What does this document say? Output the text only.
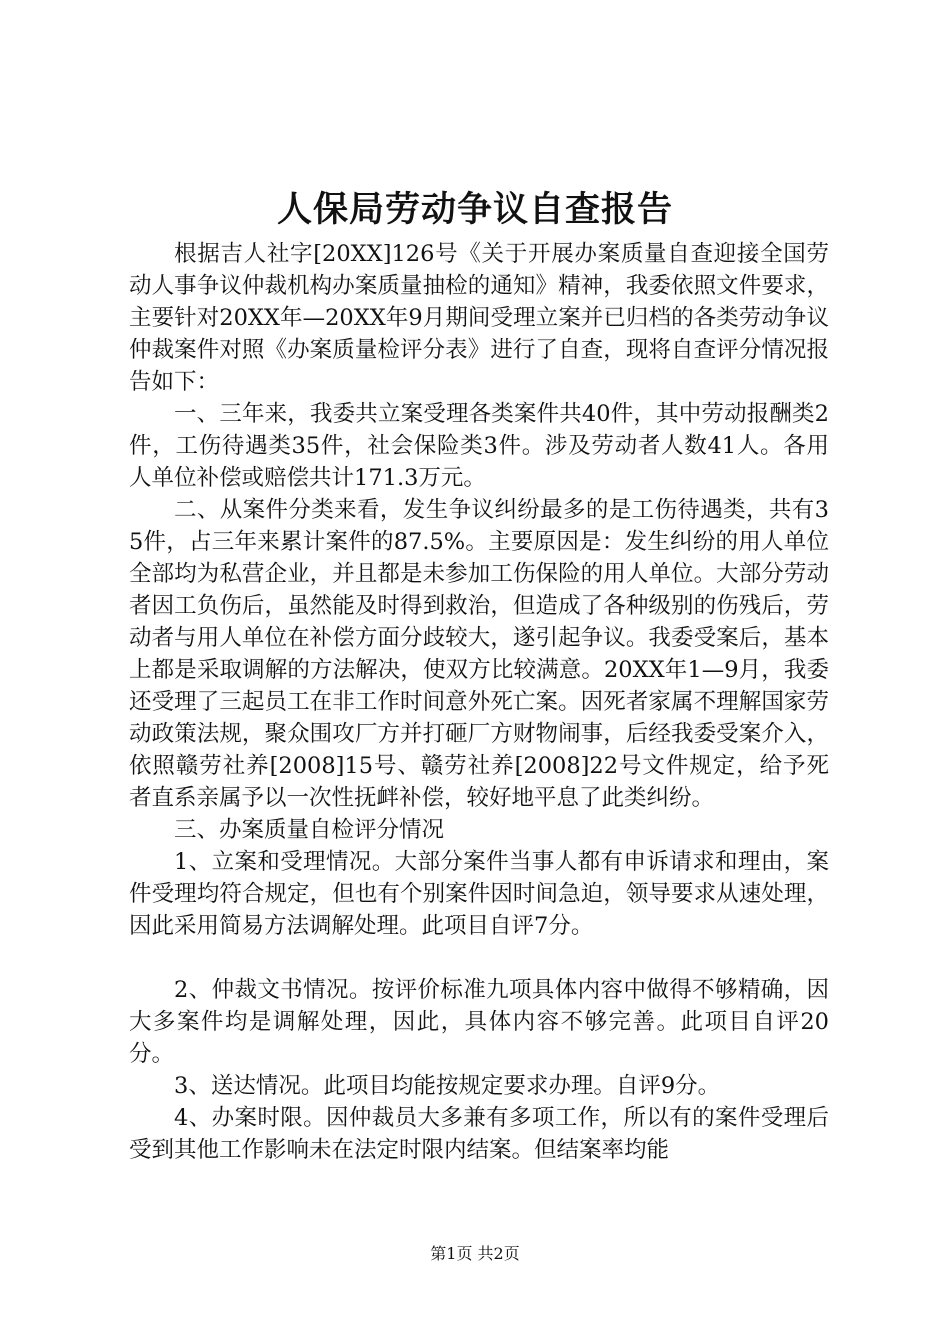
人保局劳动争议自查报告

根据吉人社字[20XX]126号《关于开展办案质量自查迎接全国劳动人事争议仲裁机构办案质量抽检的通知》精神，我委依照文件要求，主要针对20XX年—20XX年9月期间受理立案并已归档的各类劳动争议仲裁案件对照《办案质量检评分表》进行了自查，现将自查评分情况报告如下：

一、三年来，我委共立案受理各类案件共40件，其中劳动报酬类2件，工伤待遇类35件，社会保险类3件。涉及劳动者人数41人。各用人单位补偿或赔偿共计171.3万元。

二、从案件分类来看，发生争议纠纷最多的是工伤待遇类，共有35件，占三年来累计案件的87.5%。主要原因是：发生纠纷的用人单位全部均为私营企业，并且都是未参加工伤保险的用人单位。大部分劳动者因工负伤后，虽然能及时得到救治，但造成了各种级别的伤残后，劳动者与用人单位在补偿方面分歧较大，遂引起争议。我委受案后，基本上都是采取调解的方法解决，使双方比较满意。20XX年1—9月，我委还受理了三起员工在非工作时间意外死亡案。因死者家属不理解国家劳动政策法规，聚众围攻厂方并打砸厂方财物闹事，后经我委受案介入，依照赣劳社养[2008]15号、赣劳社养[2008]22号文件规定，给予死者直系亲属予以一次性抚衅补偿，较好地平息了此类纠纷。

三、办案质量自检评分情况

1、立案和受理情况。大部分案件当事人都有申诉请求和理由，案件受理均符合规定，但也有个别案件因时间急迫，领导要求从速处理，因此采用简易方法调解处理。此项目自评7分。

2、仲裁文书情况。按评价标准九项具体内容中做得不够精确，因大多案件均是调解处理，因此，具体内容不够完善。此项目自评20分。

3、送达情况。此项目均能按规定要求办理。自评9分。

4、办案时限。因仲裁员大多兼有多项工作，所以有的案件受理后受到其他工作影响未在法定时限内结案。但结案率均能

第1页 共2页
